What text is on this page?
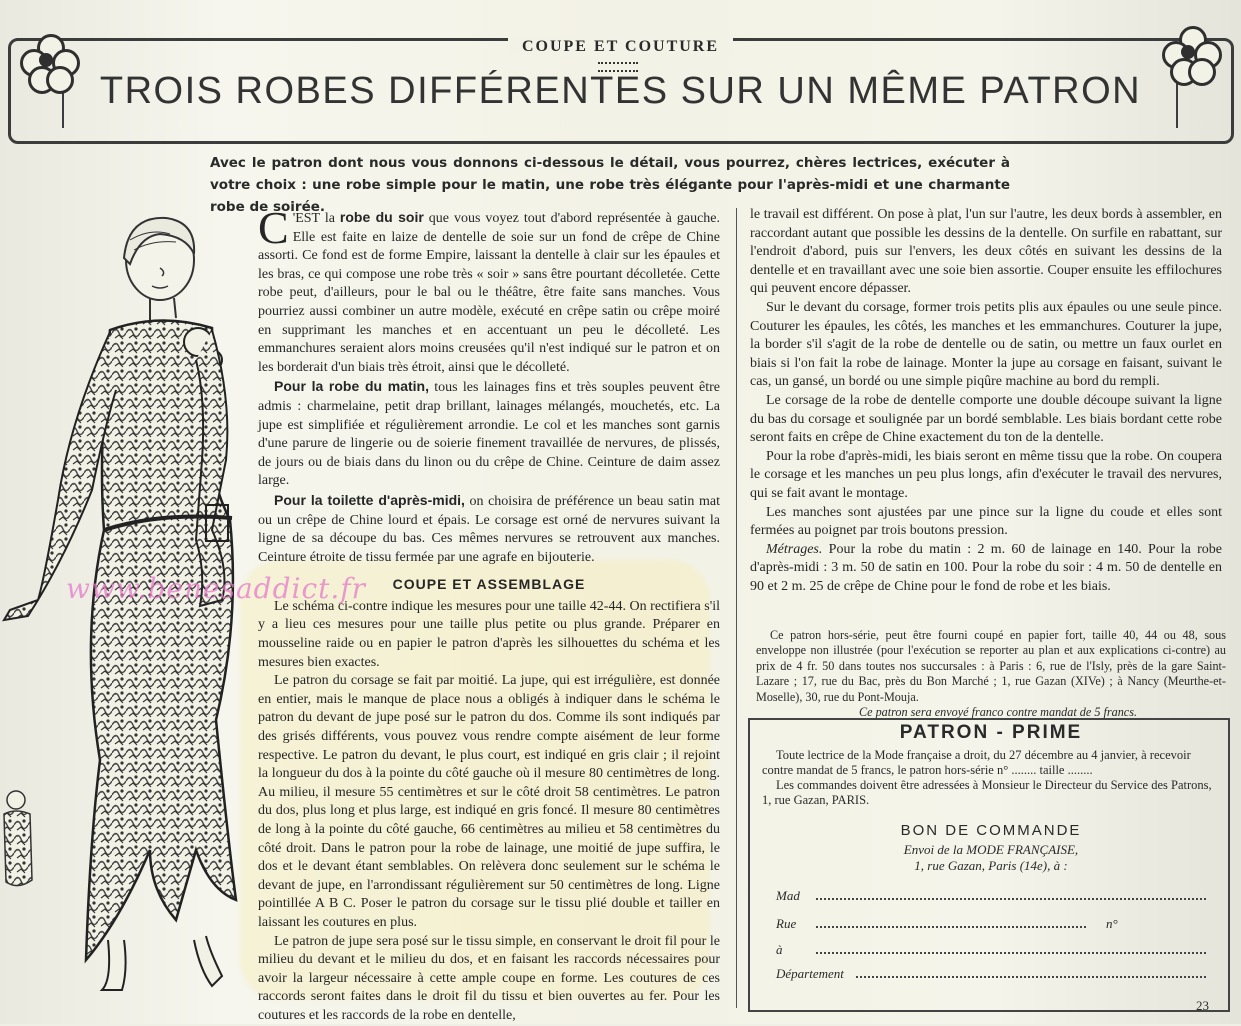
COUPE ET COUTURE
TROIS ROBES DIFFÉRENTES SUR UN MÊME PATRON
Avec le patron dont nous vous donnons ci-dessous le détail, vous pourrez, chères lectrices, exécuter à votre choix : une robe simple pour le matin, une robe très élégante pour l'après-midi et une charmante robe de soirée.
www.benesaddict.fr

C 'EST la robe du soir que vous voyez tout d'abord représentée à gauche. Elle est faite en laize de dentelle de soie sur un fond de crêpe de Chine assorti. Ce fond est de forme Empire, laissant la dentelle à clair sur les épaules et les bras, ce qui compose une robe très « soir » sans être pourtant décolletée. Cette robe peut, d'ailleurs, pour le bal ou le théâtre, être faite sans manches. Vous pourriez aussi combiner un autre modèle, exécuté en crêpe satin ou crêpe moiré en supprimant les manches et en accentuant un peu le décolleté. Les emmanchures seraient alors moins creusées qu'il n'est indiqué sur le patron et on les borderait d'un biais très étroit, ainsi que le décolleté.

Pour la robe du matin, tous les lainages fins et très souples peuvent être admis : charmelaine, petit drap brillant, lainages mélangés, mouchetés, etc. La jupe est simplifiée et régulièrement arrondie. Le col et les manches sont garnis d'une parure de lingerie ou de soierie finement travaillée de nervures, de plissés, de jours ou de biais dans du linon ou du crêpe de Chine. Ceinture de daim assez large.

Pour la toilette d'après-midi, on choisira de préférence un beau satin mat ou un crêpe de Chine lourd et épais. Le corsage est orné de nervures suivant la ligne de sa découpe du bas. Ces mêmes nervures se retrouvent aux manches. Ceinture étroite de tissu fermée par une agrafe en bijouterie.

COUPE ET ASSEMBLAGE

Le schéma ci-contre indique les mesures pour une taille 42-44. On rectifiera s'il y a lieu ces mesures pour une taille plus petite ou plus grande. Préparer en mousseline raide ou en papier le patron d'après les silhouettes du schéma et les mesures bien exactes.

Le patron du corsage se fait par moitié. La jupe, qui est irrégulière, est donnée en entier, mais le manque de place nous a obligés à indiquer dans le schéma le patron du devant de jupe posé sur le patron du dos. Comme ils sont indiqués par des grisés différents, vous pouvez vous rendre compte aisément de leur forme respective. Le patron du devant, le plus court, est indiqué en gris clair ; il rejoint la longueur du dos à la pointe du côté gauche où il mesure 80 centimètres de long. Au milieu, il mesure 55 centimètres et sur le côté droit 58 centimètres. Le patron du dos, plus long et plus large, est indiqué en gris foncé. Il mesure 80 centimètres de long à la pointe du côté gauche, 66 centimètres au milieu et 58 centimètres du côté droit. Dans le patron pour la robe de lainage, une moitié de jupe suffira, le dos et le devant étant semblables. On relèvera donc seulement sur le schéma le devant de jupe, en l'arrondissant régulièrement sur 50 centimètres de long. Ligne pointillée A B C. Poser le patron du corsage sur le tissu plié double et tailler en laissant les coutures en plus.

Le patron de jupe sera posé sur le tissu simple, en conservant le droit fil pour le milieu du devant et le milieu du dos, et en faisant les raccords nécessaires pour avoir la largeur nécessaire à cette ample coupe en forme. Les coutures de ces raccords seront faites dans le droit fil du tissu et bien ouvertes au fer. Pour les coutures et les raccords de la robe en dentelle,

le travail est différent. On pose à plat, l'un sur l'autre, les deux bords à assembler, en raccordant autant que possible les dessins de la dentelle. On surfile en rabattant, sur l'endroit d'abord, puis sur l'envers, les deux côtés en suivant les dessins de la dentelle et en travaillant avec une soie bien assortie. Couper ensuite les effilochures qui peuvent encore dépasser.

Sur le devant du corsage, former trois petits plis aux épaules ou une seule pince. Couturer les épaules, les côtés, les manches et les emmanchures. Couturer la jupe, la border s'il s'agit de la robe de dentelle ou de satin, ou mettre un faux ourlet en biais si l'on fait la robe de lainage. Monter la jupe au corsage en faisant, suivant le cas, un gansé, un bordé ou une simple piqûre machine au bord du rempli.

Le corsage de la robe de dentelle comporte une double découpe suivant la ligne du bas du corsage et soulignée par un bordé semblable. Les biais bordant cette robe seront faits en crêpe de Chine exactement du ton de la dentelle.

Pour la robe d'après-midi, les biais seront en même tissu que la robe. On coupera le corsage et les manches un peu plus longs, afin d'exécuter le travail des nervures, qui se fait avant le montage.

Les manches sont ajustées par une pince sur la ligne du coude et elles sont fermées au poignet par trois boutons pression.

Métrages. Pour la robe du matin : 2 m. 60 de lainage en 140. Pour la robe d'après-midi : 3 m. 50 de satin en 100. Pour la robe du soir : 4 m. 50 de dentelle en 90 et 2 m. 25 de crêpe de Chine pour le fond de robe et les biais.

Ce patron hors-série, peut être fourni coupé en papier fort, taille 40, 44 ou 48, sous enveloppe non illustrée (pour l'exécution se reporter au plan et aux explications ci-contre) au prix de 4 fr. 50 dans toutes nos succursales : à Paris : 6, rue de l'Isly, près de la gare Saint-Lazare ; 17, rue du Bac, près du Bon Marché ; 1, rue Gazan (XIVe) ; à Nancy (Meurthe-et-Moselle), 30, rue du Pont-Mouja.

Ce patron sera envoyé franco contre mandat de 5 francs.

PATRON - PRIME

Toute lectrice de la Mode française a droit, du 27 décembre au 4 janvier, à recevoir contre mandat de 5 francs, le patron hors-série n° ........ taille ........

Les commandes doivent être adressées à Monsieur le Directeur du Service des Patrons, 1, rue Gazan, PARIS.

BON DE COMMANDE
Envoi de la MODE FRANÇAISE,
1, rue Gazan, Paris (14e), à :
Mad
Rue	n°
à
Département
23
